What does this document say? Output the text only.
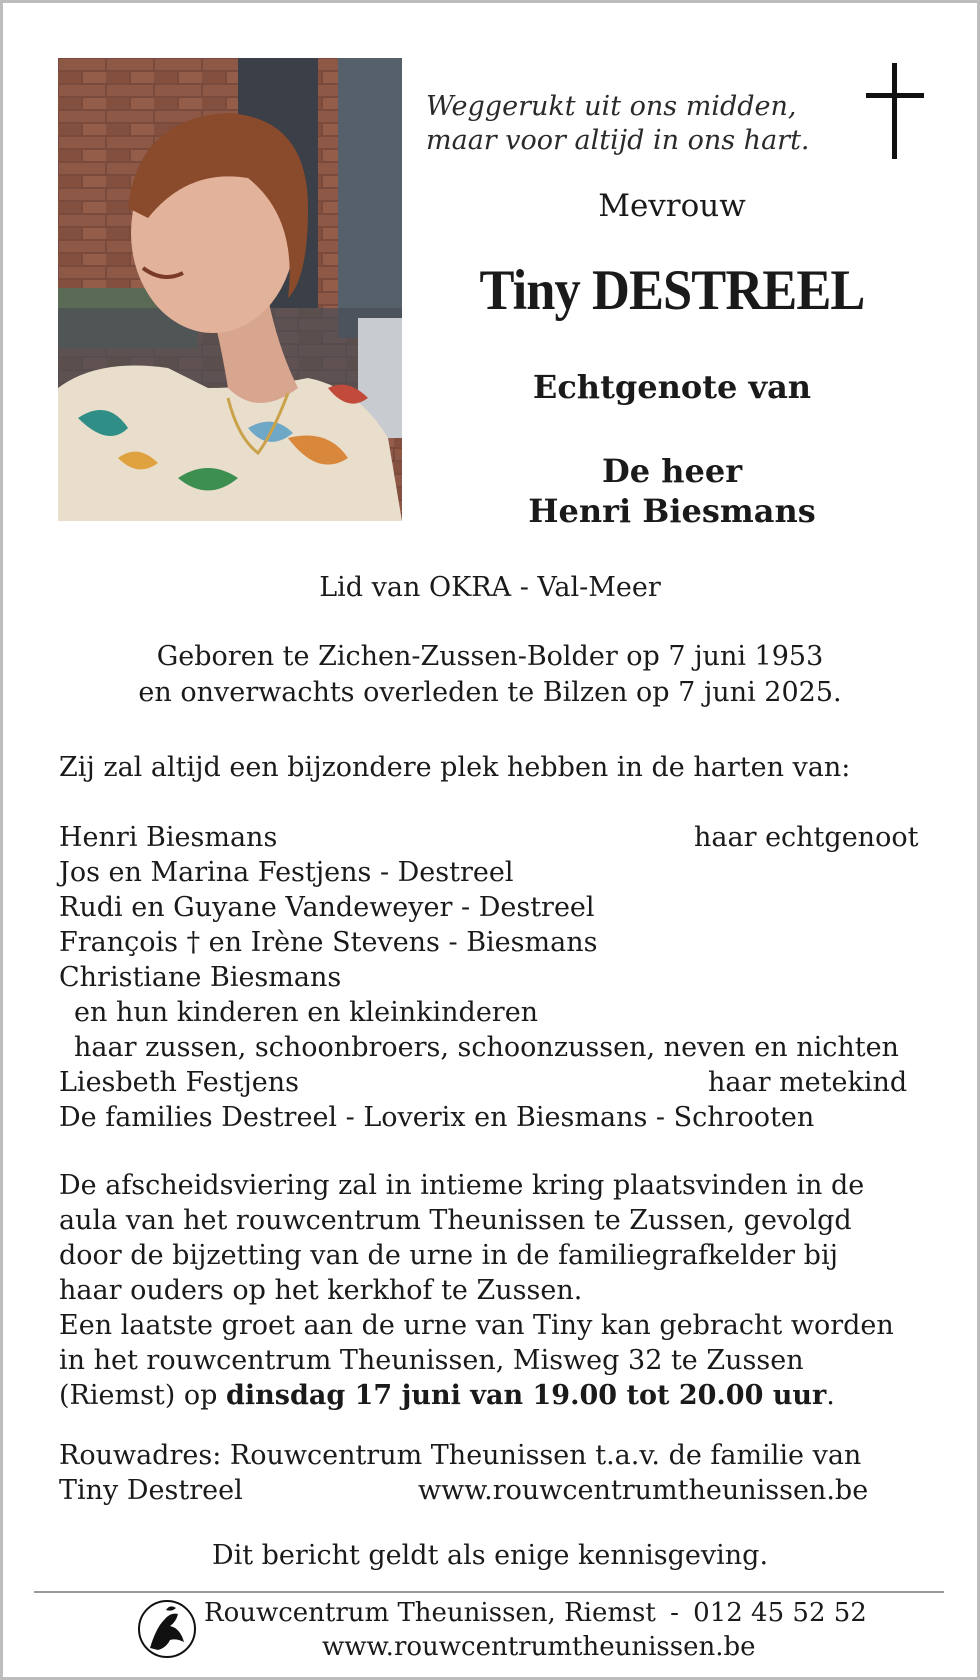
Weggerukt uit ons midden,
maar voor altijd in ons hart.
Mevrouw
Tiny DESTREEL
Echtgenote van
De heer
Henri Biesmans
Lid van OKRA - Val-Meer
Geboren te Zichen-Zussen-Bolder op 7 juni 1953
en onverwachts overleden te Bilzen op 7 juni 2025.
Zij zal altijd een bijzondere plek hebben in de harten van:
Henri Biesmans	haar echtgenoot
Jos en Marina Festjens - Destreel
Rudi en Guyane Vandeweyer - Destreel
François † en Irène Stevens - Biesmans
Christiane Biesmans
en hun kinderen en kleinkinderen
haar zussen, schoonbroers, schoonzussen, neven en nichten
Liesbeth Festjens	haar metekind
De families Destreel - Loverix en Biesmans - Schrooten

De afscheidsviering zal in intieme kring plaatsvinden in de

aula van het rouwcentrum Theunissen te Zussen, gevolgd

door de bijzetting van de urne in de familiegrafkelder bij

haar ouders op het kerkhof te Zussen.

Een laatste groet aan de urne van Tiny kan gebracht worden

in het rouwcentrum Theunissen, Misweg 32 te Zussen

(Riemst) op dinsdag 17 juni van 19.00 tot 20.00 uur.

Rouwadres: Rouwcentrum Theunissen t.a.v. de familie van
Tiny Destreel	www.rouwcentrumtheunissen.be
Dit bericht geldt als enige kennisgeving.
Rouwcentrum Theunissen, Riemst - 012 45 52 52
www.rouwcentrumtheunissen.be
